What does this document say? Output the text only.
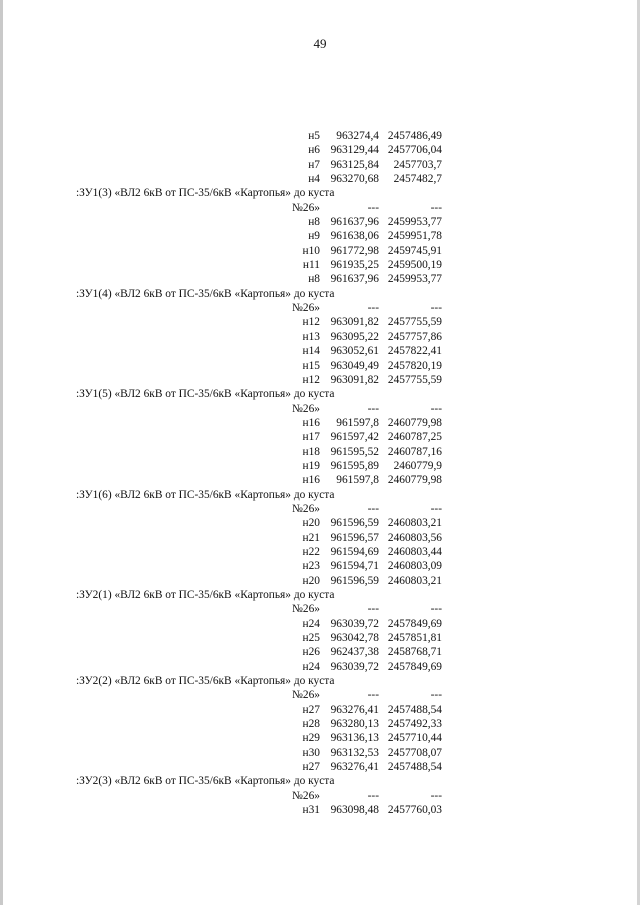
49
н5 963274,4 2457486,49
н6 963129,44 2457706,04
н7 963125,84 2457703,7
н4 963270,68 2457482,7
:ЗУ1(3) «ВЛ2 6кВ от ПС-35/6кВ «Картопья» до куста
№26»	---	---
н8 961637,96 2459953,77
н9 961638,06 2459951,78
н10 961772,98 2459745,91
н11 961935,25 2459500,19
н8 961637,96 2459953,77
:ЗУ1(4) «ВЛ2 6кВ от ПС-35/6кВ «Картопья» до куста
№26»	---	---
н12 963091,82 2457755,59
н13 963095,22 2457757,86
н14 963052,61 2457822,41
н15 963049,49 2457820,19
н12 963091,82 2457755,59
:ЗУ1(5) «ВЛ2 6кВ от ПС-35/6кВ «Картопья» до куста
№26»	---	---
н16 961597,8 2460779,98
н17 961597,42 2460787,25
н18 961595,52 2460787,16
н19 961595,89 2460779,9
н16 961597,8 2460779,98
:ЗУ1(6) «ВЛ2 6кВ от ПС-35/6кВ «Картопья» до куста
№26»	---	---
н20 961596,59 2460803,21
н21 961596,57 2460803,56
н22 961594,69 2460803,44
н23 961594,71 2460803,09
н20 961596,59 2460803,21
:ЗУ2(1) «ВЛ2 6кВ от ПС-35/6кВ «Картопья» до куста
№26»	---	---
н24 963039,72 2457849,69
н25 963042,78 2457851,81
н26 962437,38 2458768,71
н24 963039,72 2457849,69
:ЗУ2(2) «ВЛ2 6кВ от ПС-35/6кВ «Картопья» до куста
№26»	---	---
н27 963276,41 2457488,54
н28 963280,13 2457492,33
н29 963136,13 2457710,44
н30 963132,53 2457708,07
н27 963276,41 2457488,54
:ЗУ2(3) «ВЛ2 6кВ от ПС-35/6кВ «Картопья» до куста
№26»	---	---
н31 963098,48 2457760,03
